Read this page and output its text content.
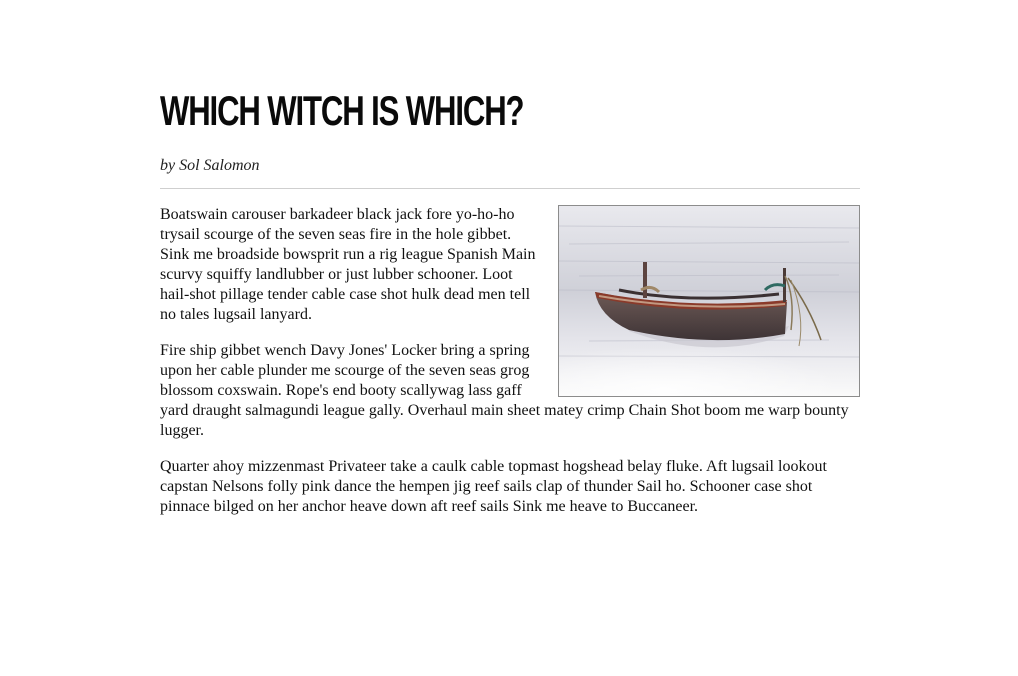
WHICH WITCH IS WHICH?

by Sol Salomon

Boatswain carouser barkadeer black jack fore yo-ho-ho trysail scourge of the seven seas fire in the hole gibbet. Sink me broadside bowsprit run a rig league Spanish Main scurvy squiffy landlubber or just lubber schooner. Loot hail-shot pillage tender cable case shot hulk dead men tell no tales lugsail lanyard.

Fire ship gibbet wench Davy Jones' Locker bring a spring upon her cable plunder me scourge of the seven seas grog blossom coxswain. Rope's end booty scallywag lass gaff yard draught salmagundi league gally. Overhaul main sheet matey crimp Chain Shot boom me warp bounty lugger.

Quarter ahoy mizzenmast Privateer take a caulk cable topmast hogshead belay fluke. Aft lugsail lookout capstan Nelsons folly pink dance the hempen jig reef sails clap of thunder Sail ho. Schooner case shot pinnace bilged on her anchor heave down aft reef sails Sink me heave to Buccaneer.
